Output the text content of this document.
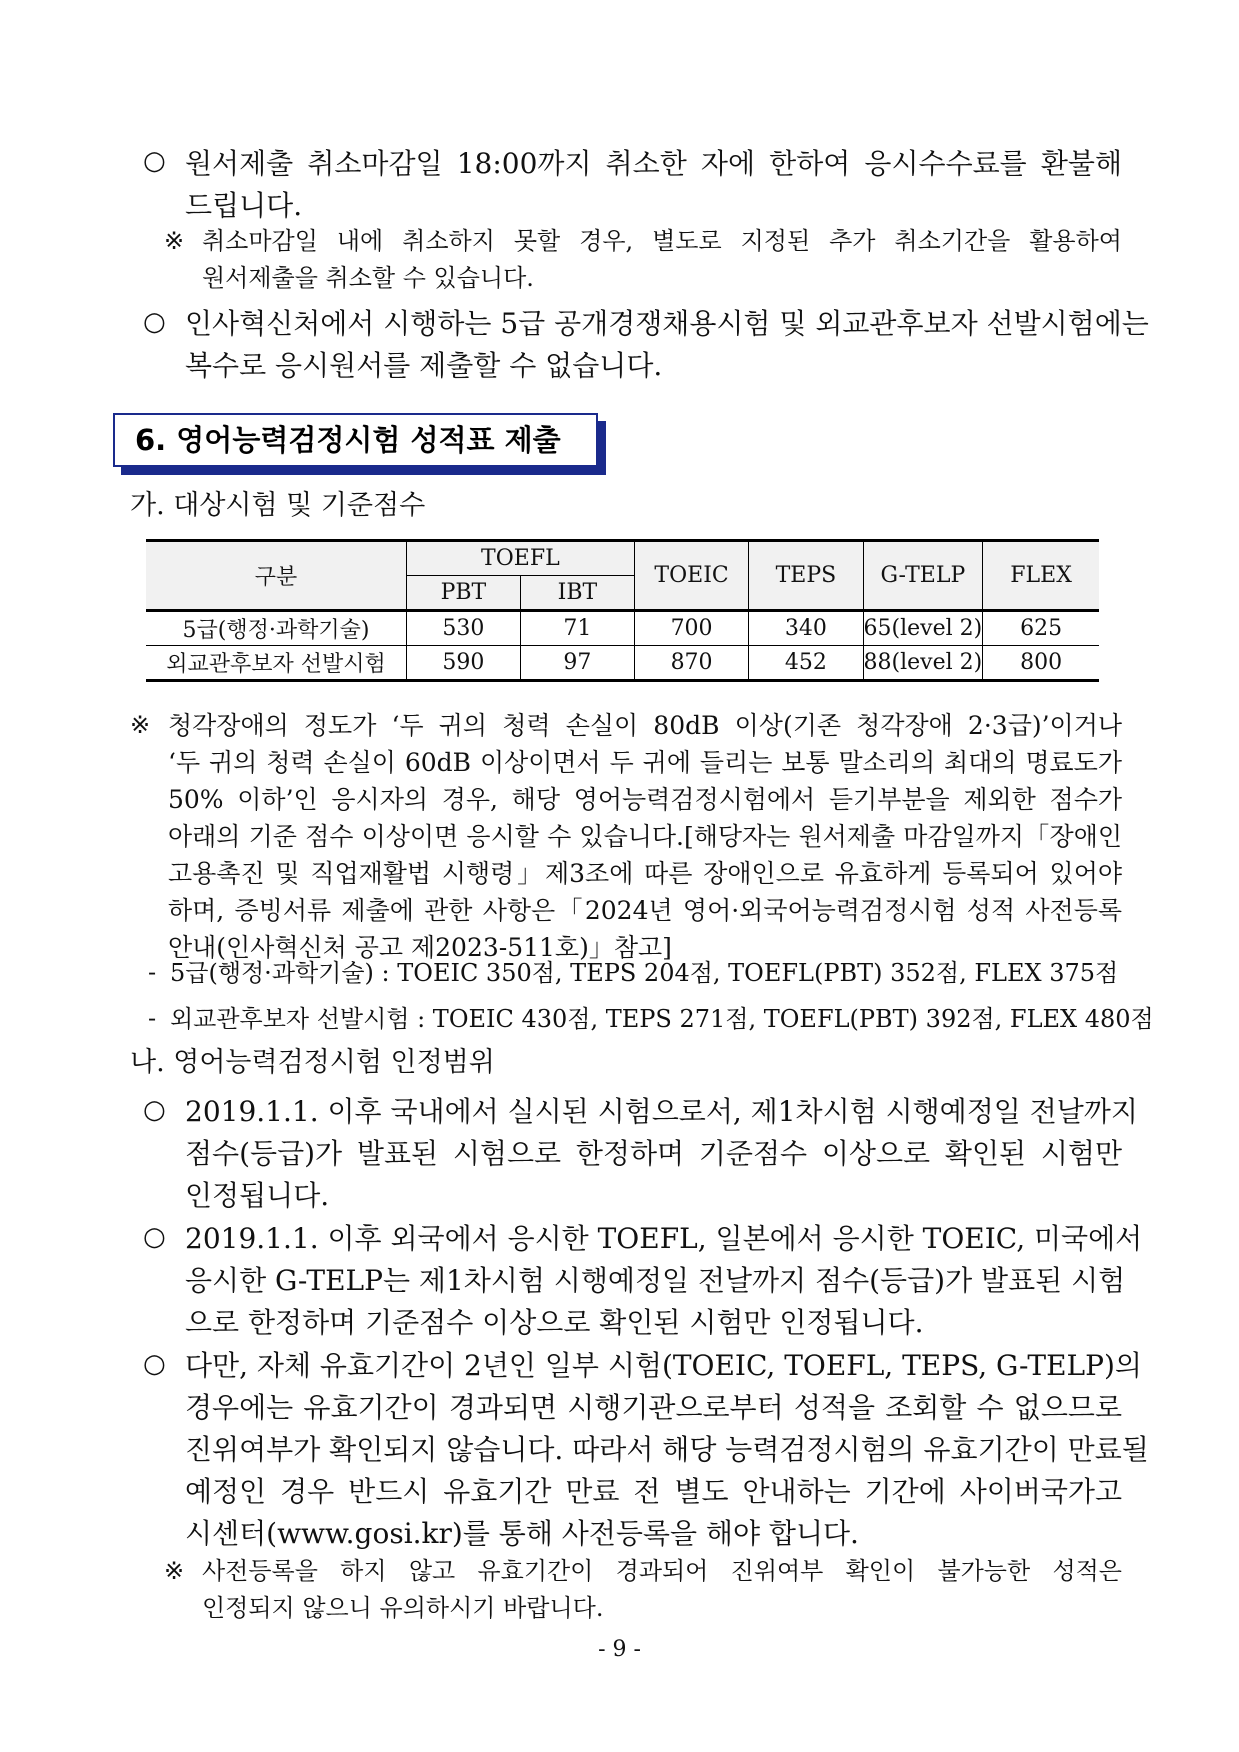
○ 원서제출 취소마감일 18:00까지 취소한 자에 한하여 응시수수료를 환불해
드립니다.
※ 취소마감일 내에 취소하지 못할 경우, 별도로 지정된 추가 취소기간을 활용하여
원서제출을 취소할 수 있습니다.
○ 인사혁신처에서 시행하는 5급 공개경쟁채용시험 및 외교관후보자 선발시험에는
복수로 응시원서를 제출할 수 없습니다.
6. 영어능력검정시험 성적표 제출
가. 대상시험 및 기준점수
구분	TOEFL		TOEIC	TEPS	G-TELP	FLEX
	PBT	IBT				
5급(행정·과학기술)	530	71	700	340	65(level 2)	625
외교관후보자 선발시험	590	97	870	452	88(level 2)	800
※ 청각장애의 정도가 ‘두 귀의 청력 손실이 80dB 이상(기존 청각장애 2·3급)’이거나
‘두 귀의 청력 손실이 60dB 이상이면서 두 귀에 들리는 보통 말소리의 최대의 명료도가
50% 이하’인 응시자의 경우, 해당 영어능력검정시험에서 듣기부분을 제외한 점수가
아래의 기준 점수 이상이면 응시할 수 있습니다.[해당자는 원서제출 마감일까지「장애인
고용촉진 및 직업재활법 시행령」제3조에 따른 장애인으로 유효하게 등록되어 있어야
하며, 증빙서류 제출에 관한 사항은「2024년 영어·외국어능력검정시험 성적 사전등록
안내(인사혁신처 공고 제2023-511호)」참고]
- 5급(행정·과학기술) : TOEIC 350점, TEPS 204점, TOEFL(PBT) 352점, FLEX 375점
- 외교관후보자 선발시험 : TOEIC 430점, TEPS 271점, TOEFL(PBT) 392점, FLEX 480점
나. 영어능력검정시험 인정범위
○ 2019.1.1. 이후 국내에서 실시된 시험으로서, 제1차시험 시행예정일 전날까지
점수(등급)가 발표된 시험으로 한정하며 기준점수 이상으로 확인된 시험만
인정됩니다.
○ 2019.1.1. 이후 외국에서 응시한 TOEFL, 일본에서 응시한 TOEIC, 미국에서
응시한 G-TELP는 제1차시험 시행예정일 전날까지 점수(등급)가 발표된 시험
으로 한정하며 기준점수 이상으로 확인된 시험만 인정됩니다.
○ 다만, 자체 유효기간이 2년인 일부 시험(TOEIC, TOEFL, TEPS, G-TELP)의
경우에는 유효기간이 경과되면 시행기관으로부터 성적을 조회할 수 없으므로
진위여부가 확인되지 않습니다. 따라서 해당 능력검정시험의 유효기간이 만료될
예정인 경우 반드시 유효기간 만료 전 별도 안내하는 기간에 사이버국가고
시센터(www.gosi.kr)를 통해 사전등록을 해야 합니다.
※ 사전등록을 하지 않고 유효기간이 경과되어 진위여부 확인이 불가능한 성적은
인정되지 않으니 유의하시기 바랍니다.
- 9 -
